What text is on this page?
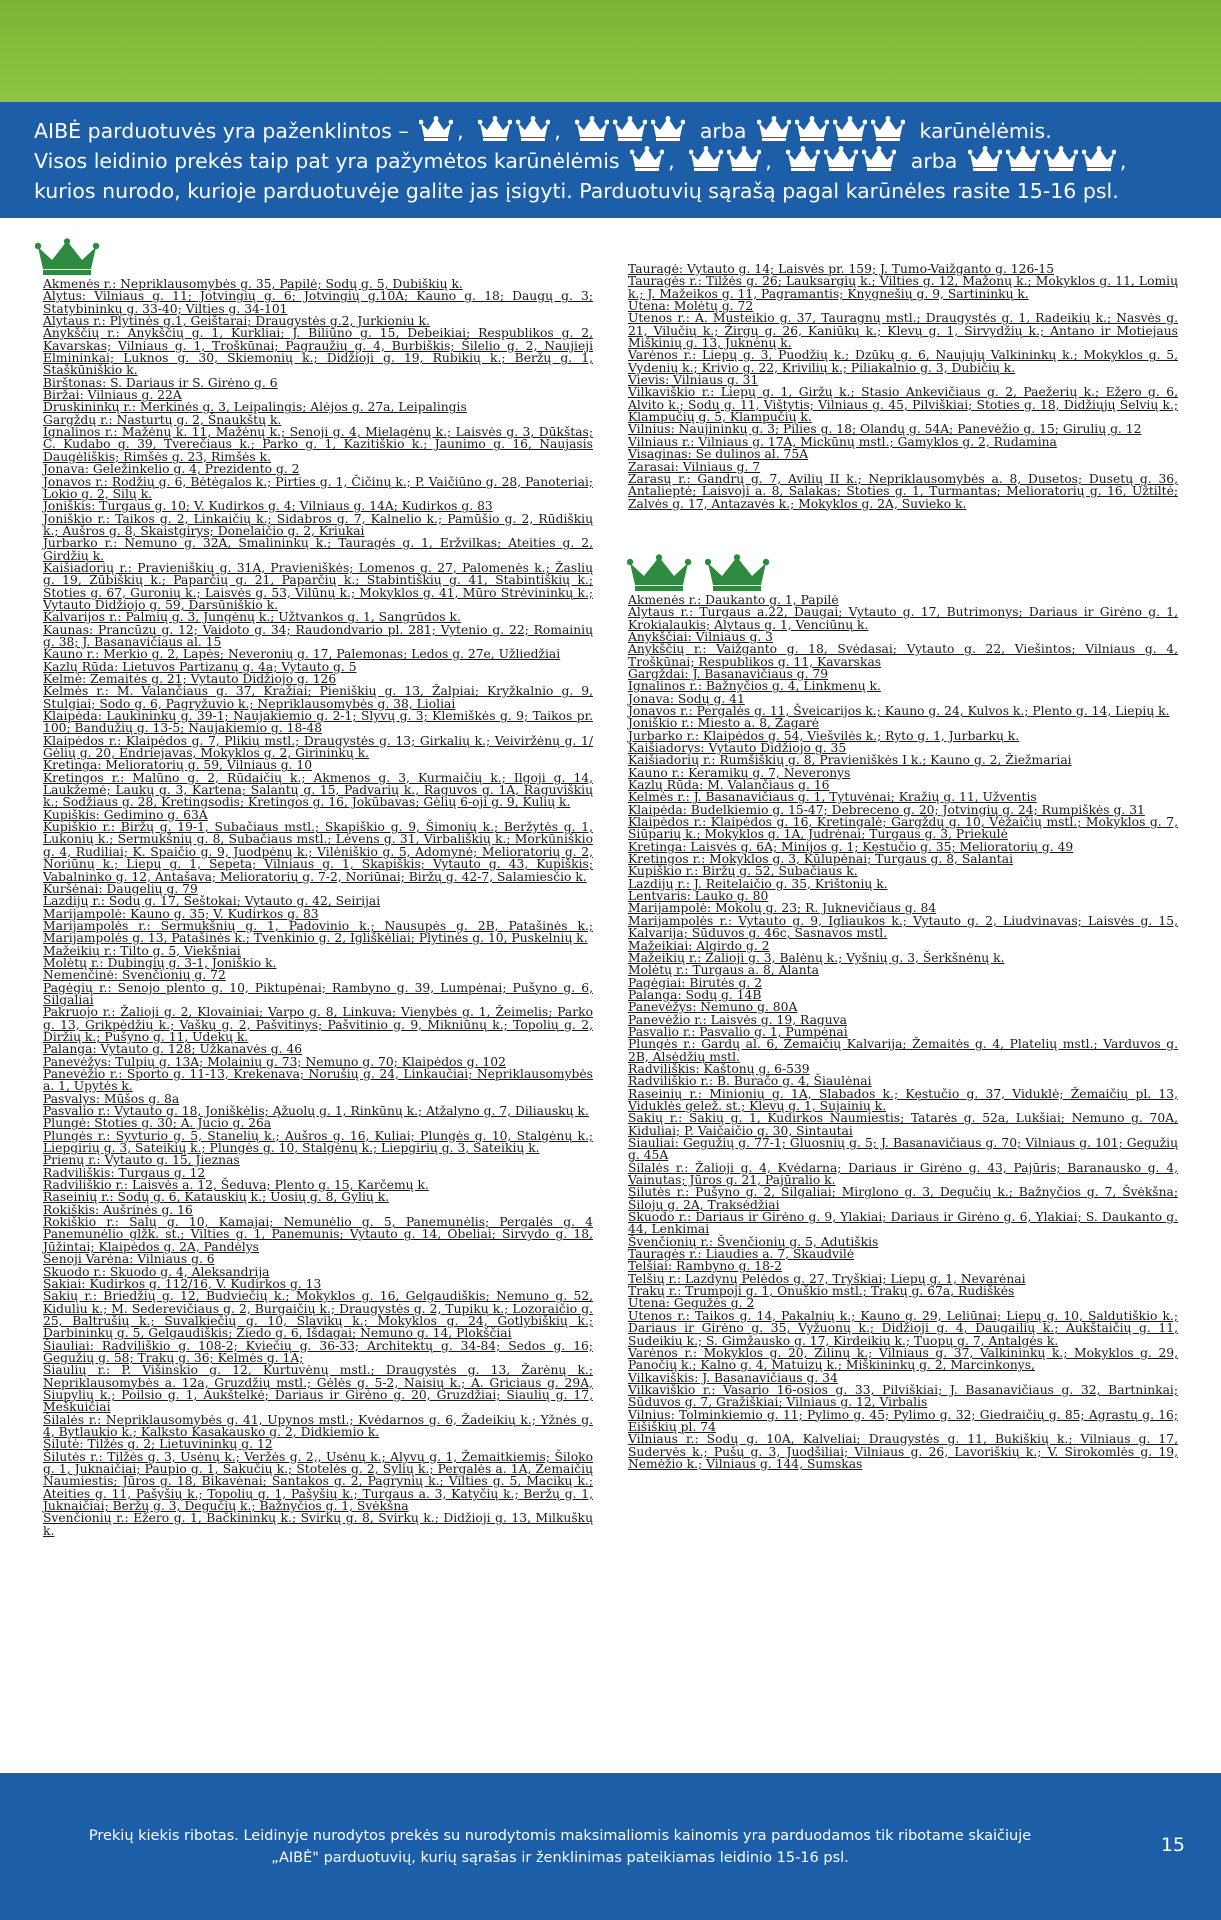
AIBĖ parduotuvės yra paženklintos – ,	,	arba	karūnėlėmis.
Visos leidinio prekės taip pat yra pažymėtos karūnėlėmis ,	,	arba	,
kurios nurodo, kurioje parduotuvėje galite jas įsigyti. Parduotuvių sąrašą pagal karūnėles rasite 15-16 psl.
Akmenės r.: Nepriklausomybės g. 35, Papilė; Sodų g. 5, Dubiškių k.
Alytus: Vilniaus g. 11; Jotvingių g. 6; Jotvingių g.10A; Kauno g. 18; Daugų g. 3; Statybininkų g. 33-40; Vilties g. 34-101
Alytaus r.: Plytinės g.1, Geištarai; Draugystės g.2, Jurkioniu k.
Anykščių r.: Anykščių g. 1, Kurkliai; J. Biliūno g. 15, Debeikiai; Respublikos g. 2, Kavarskas; Vilniaus g. 1, Troškūnai; Pagraužių g. 4, Burbiškis; Šilelio g. 2, Naujieji Elmininkai; Luknos g. 30, Skiemonių k.; Didžioji g. 19, Rubikių k.; Beržų g. 1, Staškūniškio k.
Birštonas: S. Dariaus ir S. Girėno g. 6
Biržai: Vilniaus g. 22A
Druskininkų r.: Merkinės g. 3, Leipalingis; Alėjos g. 27a, Leipalingis
Gargždų r.: Nasturtų g. 2, Šnaukštų k.
Ignalinos r.: Mažėnų k. 11, Mažėnų k.; Senoji g. 4, Mielagėnų k.; Laisvės g. 3, Dūkštas; Č. Kudabo g. 39, Tverečiaus k.; Parko g. 1, Kazitiškio k.; Jaunimo g. 16, Naujasis Daugėliškis; Rimšės g. 23, Rimšės k.
Jonava: Geležinkelio g. 4, Prezidento g. 2
Jonavos r.: Rodžių g. 6, Bėtėgalos k.; Pirties g. 1, Čičinų k.; P. Vaičiūno g. 28, Panoteriai; Lokio g. 2, Šilų k.
Joniškis: Turgaus g. 10; V. Kudirkos g. 4; Vilniaus g. 14A; Kudirkos g. 83
Joniškio r.: Taikos g. 2, Linkaičių k.; Sidabros g. 7, Kalnelio k.; Pamūšio g. 2, Rūdiškių k.; Aušros g. 8, Skaistgirys; Donelaičio g. 2, Kriukai
Jurbarko r.: Nemuno g. 32A, Smalininkų k.; Tauragės g. 1, Eržvilkas; Ateities g. 2, Girdžių k.
Kaišiadorių r.: Pravieniškių g. 31A, Pravieniškės; Lomenos g. 27, Palomenės k.; Žaslių g. 19, Žūbiškių k.; Paparčių g. 21, Paparčių k.; Stabintiškių g. 41, Stabintiškių k.; Stoties g. 67, Guronių k.; Laisvės g. 53, Vilūnų k.; Mokyklos g. 41, Mūro Strėvininkų k.; Vytauto Didžiojo g. 59, Darsūniškio k.
Kalvarijos r.: Palmių g. 3, Jungėnų k.; Užtvankos g. 1, Sangrūdos k.
Kaunas: Prancūzų g. 12; Vaidoto g. 34; Raudondvario pl. 281; Vytenio g. 22; Romainių g. 38; J. Basanavičiaus al. 15
Kauno r.: Merkio g. 2, Lapės; Neveronių g. 17, Palemonas; Ledos g. 27e, Užliedžiai
Kazlų Rūda: Lietuvos Partizanų g. 4a; Vytauto g. 5
Kelmė: Žemaitės g. 21; Vytauto Didžiojo g. 126
Kelmės r.: M. Valančiaus g. 37, Kražiai; Pieniškių g. 13, Žalpiai; Kryžkalnio g. 9, Stulgiai; Sodo g. 6, Pagryžuvio k.; Nepriklausomybės g. 38, Lioliai
Klaipėda: Laukininkų g. 39-1; Naujakiemio g. 2-1; Šlyvų g. 3; Klemiškės g. 9; Taikos pr. 100; Bandužių g. 13-5; Naujakiemio g. 18-48
Klaipėdos r.: Klaipėdos g. 7, Plikių mstl.; Draugystės g. 13; Girkalių k.; Veiviržėnų g. 1/ Gėlių g. 20, Endriejavas, Mokyklos g. 2, Girininkų k.
Kretinga: Melioratorių g. 59, Vilniaus g. 10
Kretingos r.: Malūno g. 2, Rūdaičių k.; Akmenos g. 3, Kurmaičių k.; Ilgoji g. 14, Laukžemė; Laukų g. 3, Kartena; Šalantų g. 15, Padvarių k., Raguvos g. 1A, Raguviškių k.; Sodžiaus g. 28, Kretingsodis; Kretingos g. 16, Jokūbavas; Gėlių 6-oji g. 9, Kulių k.
Kupiškis: Gedimino g. 63A
Kupiškio r.: Biržų g. 19-1, Subačiaus mstl.; Skapiškio g. 9, Šimonių k.; Beržytės g. 1, Lukonių k.; Šermukšnių g. 8, Subačiaus mstl.; Lėvens g. 31, Virbališkių k.; Morkūniškio g. 4, Rudiliai; K. Spaičio g. 9, Juodpėnų k.; Vilėniškio g. 5, Adomynė; Melioratorių g. 2, Noriūnų k.; Liepų g. 1, Sepeta; Vilniaus g. 1, Skapiškis; Vytauto g. 43, Kupiškis; Vabalninko g. 12, Antašava; Melioratorių g. 7-2, Noriūnai; Biržų g. 42-7, Salamiesčio k.
Kuršėnai: Daugelių g. 79
Lazdijų r.: Sodų g. 17, Šeštokai; Vytauto g. 42, Seirijai
Marijampolė: Kauno g. 35; V. Kudirkos g. 83
Marijampolės r.: Sermukšnių g. 1, Padovinio k.; Nausupės g. 2B, Patašinės k.; Marijampolės g. 13, Patašinės k.; Tvenkinio g. 2, Igliškėliai; Plytinės g. 10, Puskelnių k.
Mažeikių r.: Tilto g. 5, Viekšniai
Molėtų r.: Dubingių g. 3-1, Joniškio k.
Nemenčinė: Švenčionių g. 72
Pagėgių r.: Senojo plento g. 10, Piktupėnai; Rambyno g. 39, Lumpėnai; Pušyno g. 6, Šilgaliai
Pakruojo r.: Žalioji g. 2, Klovainiai; Varpo g. 8, Linkuva; Vienybės g. 1, Žeimelis; Parko g. 13, Grikpėdžių k.; Vaškų g. 2, Pašvitinys; Pašvitinio g. 9, Mikniūnų k.; Topolių g. 2, Diržių k.; Pušyno g. 11, Ūdekų k.
Palanga: Vytauto g. 128; Užkanavės g. 46
Panevėžys: Tulpių g. 13A; Molainių g. 73; Nemuno g. 70; Klaipėdos g. 102
Panevėžio r.: Sporto g. 11-13, Krekenava; Norušių g. 24, Linkaučiai; Nepriklausomybės a. 1, Upytės k.
Pasvalys: Mūšos g. 8a
Pasvalio r.: Vytauto g. 18, Joniškėlis; Ąžuolų g. 1, Rinkūnų k.; Atžalyno g. 7, Diliauskų k.
Plungė: Stoties g. 30; A. Jucio g. 26a
Plungės r.: Syvturio g. 5, Stanelių k.; Aušros g. 16, Kuliai; Plungės g. 10, Stalgėnų k.; Liepgirių g. 3, Sateikių k.; Plungės g. 10, Stalgėnų k.; Liepgirių g. 3, Sateikių k.
Prienų r.: Vytauto g. 15, Jieznas
Radviliškis: Turgaus g. 12
Radviliškio r.: Laisvės a. 12, Šeduva; Plento g. 15, Karčemų k.
Raseinių r.: Sodų g. 6, Katauskių k.; Uosių g. 8, Gylių k.
Rokiškis: Aušrinės g. 16
Rokiškio r.: Salų g. 10, Kamajai; Nemunėlio g. 5, Panemunėlis; Pergalės g. 4 Panemunėlio glžk. st.; Vilties g. 1, Panemunis; Vytauto g. 14, Obeliai; Sirvydo g. 18, Jūžintai; Klaipėdos g. 2A, Pandėlys
Senoji Varėna: Vilniaus g. 6
Skuodo r.: Skuodo g. 4, Aleksandrija
Šakiai: Kudirkos g. 112/16, V. Kudirkos g. 13
Šakių r.: Briedžių g. 12, Budviečių k.; Mokyklos g. 16, Gelgaudiškis; Nemuno g. 52, Kiduliu k.; M. Sederevičiaus g. 2, Burgaičių k.; Draugystės g. 2, Tupikų k.; Lozoraičio g. 25, Baltrušių k.; Suvalkiečių g. 10, Slavikų k.; Mokyklos g. 24, Gotlybiškių k.; Darbininkų g. 5, Gelgaudiškis; Žiedo g. 6, Išdagai; Nemuno g. 14, Plokščiai
Šiauliai: Radviliškio g. 108-2; Kviečių g. 36-33; Architektų g. 34-84; Sedos g. 16; Gegužių g. 58; Trakų g. 36; Kelmės g. 1A;
Šiaulių r.: P. Višinskio g. 12, Kurtuvėnų mstl.; Draugystės g. 13, Žarėnų k.; Nepriklausomybės a. 12a, Gruzdžių mstl.; Gėlės g. 5-2, Naisių k.; A. Griciaus g. 29A, Šiupylių k.; Poilsio g. 1, Aukštelkė; Dariaus ir Girėno g. 20, Gruzdžiai; Šiaulių g. 17, Meškuičiai
Šilalės r.: Nepriklausomybės g. 41, Upynos mstl.; Kvėdarnos g. 6, Žadeikių k.; Yžnės g. 4, Bytlaukio k.; Kalksto Kasakausko g. 2, Didkiemio k.
Šilutė: Tilžės g. 2; Lietuvininkų g. 12
Šilutės r.: Tilžės g. 3, Usėnų k.; Veržės g. 2,, Usėnų k.; Alyvų g. 1, Žemaitkiemis; Šiloko g. 1, Juknaičiai; Paupio g. 1, Sakučių k.; Stotelės g. 2, Šylių k.; Pergalės a. 1A, Žemaičių Naumiestis; Jūros g. 18, Bikavėnai; Santakos g. 2, Pagrynių k.; Vilties g. 5, Macikų k.; Ateities g. 11, Pašyšių k.; Topolių g. 1, Pašyšių k.; Turgaus a. 3, Katyčių k.; Beržų g. 1, Juknaičiai; Beržų g. 3, Degučių k.; Bažnyčios g. 1, Švėkšna
Švenčionių r.: Ežero g. 1, Bačkininkų k.; Svirkų g. 8, Svirkų k.; Didžioji g. 13, Milkuškų k.
Tauragė: Vytauto g. 14; Laisvės pr. 159; J. Tumo-Vaižganto g. 126-15
Tauragės r.: Tilžės g. 26; Lauksargių k.; Vilties g. 12, Mažonų k.; Mokyklos g. 11, Lomių k.; J. Mažeikos g. 11, Pagramantis; Knygnešių g. 9, Sartininkų k.
Utena: Molėtų g. 72
Utenos r.: A. Musteikio g. 37, Tauragnų mstl.; Draugystės g. 1, Radeikių k.; Nasvės g. 21, Vilučių k.; Žirgų g. 26, Kaniūkų k.; Klevų g. 1, Sirvydžių k.; Antano ir Motiejaus Miškinių g. 13, Juknėnų k.
Varėnos r.: Liepų g. 3, Puodžių k.; Dzūkų g. 6, Naujųjų Valkininkų k.; Mokyklos g. 5, Vydenių k.; Krivio g. 22, Krivilių k.; Piliakalnio g. 3, Dubičių k.
Vievis: Vilniaus g. 31
Vilkaviškio r.: Liepų g. 1, Giržų k.; Stasio Ankevičiaus g. 2, Paežerių k.; Ežero g. 6, Alvito k.; Sodų g. 11, Vištytis; Vilniaus g. 45, Pilviškiai; Stoties g. 18, Didžiųjų Šelvių k.; Klampučių g. 5, Klampučių k.
Vilnius: Naujininkų g. 3; Pilies g. 18; Olandų g. 54A; Panevėžio g. 15; Girulių g. 12
Vilniaus r.: Vilniaus g. 17A, Mickūnų mstl.; Gamyklos g. 2, Rudamina
Visaginas: Se dulinos al. 75A
Zarasai: Vilniaus g. 7
Zarasų r.: Gandrų g. 7, Avilių II k.; Nepriklausomybės a. 8, Dusetos; Dusetų g. 36, Antalieptė; Laisvoji a. 8, Salakas; Stoties g. 1, Turmantas; Melioratorių g. 16, Užtiltė; Zalvės g. 17, Antazavės k.; Mokyklos g. 2A, Suvieko k.
Akmenės r.: Daukanto g. 1, Papilė
Alytaus r.: Turgaus a.22, Daugai; Vytauto g. 17, Butrimonys; Dariaus ir Girėno g. 1, Krokialaukis; Alytaus g. 1, Venciūnų k.
Anykščiai: Vilniaus g. 3
Anykščių r.: Vaižganto g. 18, Svėdasai; Vytauto g. 22, Viešintos; Vilniaus g. 4, Troškūnai; Respublikos g. 11, Kavarskas
Gargždai: J. Basanavičiaus g. 79
Ignalinos r.: Bažnyčios g. 4, Linkmenų k.
Jonava: Sodų g. 41
Jonavos r.: Pergalės g. 11, Šveicarijos k.; Kauno g. 24, Kulvos k.; Plento g. 14, Liepių k.
Joniškio r.: Miesto a. 8, Žagarė
Jurbarko r.: Klaipėdos g. 54, Viešvilės k.; Ryto g. 1, Jurbarkų k.
Kaišiadorys: Vytauto Didžiojo g. 35
Kaišiadorių r.: Rumšiškių g. 8, Pravieniškės I k.; Kauno g. 2, Žiežmariai
Kauno r.: Keramikų g. 7, Neveronys
Kazlų Rūda: M. Valančiaus g. 16
Kelmės r.: J. Basanavičiaus g. 1, Tytuvėnai; Kražių g. 11, Užventis
Klaipėda: Budelkiemio g. 15-47; Debreceno g. 20; Jotvingių g. 24; Rumpiškės g. 31
Klaipėdos r.: Klaipėdos g. 16, Kretingalė; Gargždų g. 10, Vėžaičių mstl.; Mokyklos g. 7, Šiūparių k.; Mokyklos g. 1A, Judrėnai; Turgaus g. 3, Priekulė
Kretinga: Laisvės g. 6A; Minijos g. 1; Kęstučio g. 35; Melioratorių g. 49
Kretingos r.: Mokyklos g. 3, Kūlupėnai; Turgaus g. 8, Salantai
Kupiškio r.: Biržų g. 52, Subačiaus k.
Lazdijų r.: J. Reitelaičio g. 35, Krištonių k.
Lentvaris: Lauko g. 80
Marijampolė: Mokolų g. 23; R. Juknevičiaus g. 84
Marijampolės r.: Vytauto g. 9, Igliaukos k.; Vytauto g. 2, Liudvinavas; Laisvės g. 15, Kalvarija; Sūduvos g. 46c, Sasnavos mstl.
Mažeikiai: Algirdo g. 2
Mažeikių r.: Žalioji g. 3, Balėnų k.; Vyšnių g. 3, Šerkšnėnų k.
Molėtų r.: Turgaus a. 8, Alanta
Pagėgiai: Birutės g. 2
Palanga: Sodų g. 14B
Panevėžys: Nemuno g. 80A
Panevėžio r.: Laisvės g. 19, Raguva
Pasvalio r.: Pasvalio g. 1, Pumpėnai
Plungės r.: Gardų al. 6, Žemaičių Kalvarija; Žemaitės g. 4, Platelių mstl.; Varduvos g. 2B, Alsėdžių mstl.
Radviliškis: Kaštonų g. 6-539
Radviliškio r.: B. Buračo g. 4, Šiaulėnai
Raseinių r.: Minionių g. 1A, Slabados k.; Kęstučio g. 37, Viduklė; Žemaičių pl. 13, Viduklės gelež. st.; Klevų g. 1, Sujainių k.
Šakių r.: Sakių g. 1, Kudirkos Naumiestis; Tatarės g. 52a, Lukšiai; Nemuno g. 70A, Kiduliai; P. Vaičaičio g. 30, Sintautai
Šiauliai: Gegužių g. 77-1; Gluosnių g. 5; J. Basanavičiaus g. 70; Vilniaus g. 101; Gegužių g. 45A
Šilalės r.: Žalioji g. 4, Kvėdarna; Dariaus ir Girėno g. 43, Pajūris; Baranausko g. 4, Vainutas; Jūros g. 21, Pajūralio k.
Šilutės r.: Pušyno g. 2, Šilgaliai; Mirglono g. 3, Degučių k.; Bažnyčios g. 7, Švėkšna; Šilojų g. 2A, Traksėdžiai
Skuodo r.: Dariaus ir Girėno g. 9, Ylakiai; Dariaus ir Girėno g. 6, Ylakiai; S. Daukanto g. 44, Lenkimai
Švenčionių r.: Švenčionių g. 5, Adutiškis
Tauragės r.: Liaudies a. 7, Skaudvilė
Telšiai: Rambyno g. 18-2
Telšių r.: Lazdynų Pelėdos g. 27, Tryškiai; Liepų g. 1, Nevarėnai
Trakų r.: Trumpoji g. 1, Onuškio mstl.; Trakų g. 67a, Rudiškės
Utena: Gegužės g. 2
Utenos r.: Taikos g. 14, Pakalnių k.; Kauno g. 29, Leliūnai; Liepų g. 10, Saldutiškio k.; Dariaus ir Girėno g. 35, Vyžuonų k.; Didžioji g. 4, Daugailių k.; Aukštaičių g. 11, Sudeikių k.; S. Gimžausko g. 17, Kirdeikių k.; Tuopų g. 7, Antalgės k.
Varėnos r.: Mokyklos g. 20, Žilinų k.; Vilniaus g. 37, Valkininkų k.; Mokyklos g. 29, Panočių k.; Kalno g. 4, Matuizų k.; Miškininkų g. 2, Marcinkonys,
Vilkaviškis: J. Basanavičiaus g. 34
Vilkaviškio r.: Vasario 16-osios g. 33, Pilviškiai; J. Basanavičiaus g. 32, Bartninkai; Sūduvos g. 7, Gražiškiai; Vilniaus g. 12, Virbalis
Vilnius: Tolminkiemio g. 11; Pylimo g. 45; Pylimo g. 32; Giedraičių g. 85; Agrastų g. 16; Eišiškių pl. 74
Vilniaus r.: Sodų g. 10A, Kalveliai; Draugystės g. 11, Bukiškių k.; Vilniaus g. 17, Sudervės k.; Pušų g. 3, Juodšiliai; Vilniaus g. 26, Lavoriškių k.; V. Sirokomlės g. 19, Nemėžio k.; Vilniaus g. 144, Šumskas
Prekių kiekis ribotas. Leidinyje nurodytos prekės su nurodytomis maksimaliomis kainomis yra parduodamos tik ribotame skaičiuje
„AIBĖ" parduotuvių, kurių sąrašas ir ženklinimas pateikiamas leidinio 15-16 psl.
15
